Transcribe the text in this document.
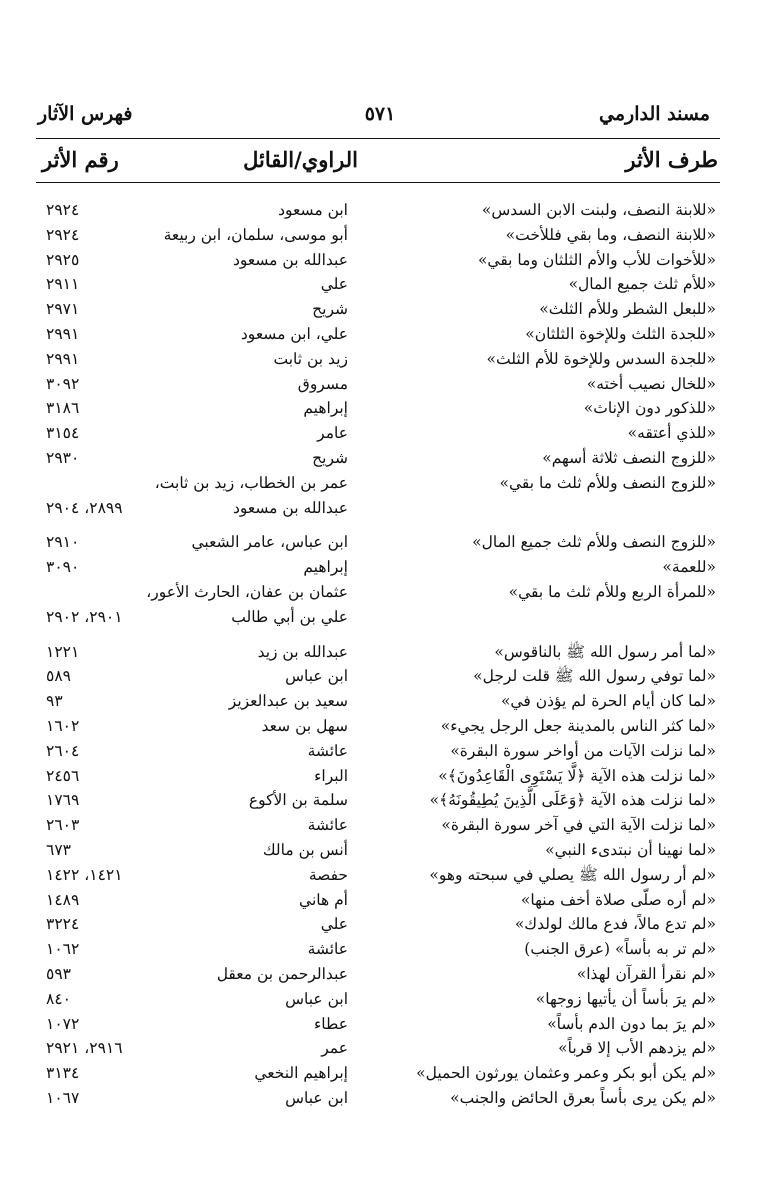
مسند الدارمي
٥٧١
فهرس الآثار
طرف الأثر
الراوي/القائل
رقم الأثر
«للابنة النصف، ولبنت الابن السدس»
ابن مسعود
٢٩٢٤
«للابنة النصف، وما بقي فللأخت»
أبو موسى، سلمان، ابن ربيعة
٢٩٢٤
«للأخوات للأب والأم الثلثان وما بقي»
عبدالله بن مسعود
٢٩٢٥
«للأم ثلث جميع المال»
علي
٢٩١١
«للبعل الشطر وللأم الثلث»
شريح
٢٩٧١
«للجدة الثلث وللإخوة الثلثان»
علي، ابن مسعود
٢٩٩١
«للجدة السدس وللإخوة للأم الثلث»
زيد بن ثابت
٢٩٩١
«للخال نصيب أخته»
مسروق
٣٠٩٢
«للذكور دون الإناث»
إبراهيم
٣١٨٦
«للذي أعتقه»
عامر
٣١٥٤
«للزوج النصف ثلاثة أسهم»
شريح
٢٩٣٠
«للزوج النصف وللأم ثلث ما بقي»
عمر بن الخطاب، زيد بن ثابت،
عبدالله بن مسعود
٢٨٩٩، ٢٩٠٤
«للزوج النصف وللأم ثلث جميع المال»
ابن عباس، عامر الشعبي
٢٩١٠
«للعمة»
إبراهيم
٣٠٩٠
«للمرأة الربع وللأم ثلث ما بقي»
عثمان بن عفان، الحارث الأعور،
علي بن أبي طالب
٢٩٠١، ٢٩٠٢
«لما أمر رسول الله ﷺ بالناقوس»
عبدالله بن زيد
١٢٢١
«لما توفي رسول الله ﷺ قلت لرجل»
ابن عباس
٥٨٩
«لما كان أيام الحرة لم يؤذن في»
سعيد بن عبدالعزيز
٩٣
«لما كثر الناس بالمدينة جعل الرجل يجيء»
سهل بن سعد
١٦٠٢
«لما نزلت الآيات من أواخر سورة البقرة»
عائشة
٢٦٠٤
«لما نزلت هذه الآية ﴿لَّا يَسْتَوِى الْقَاعِدُونَ﴾»
البراء
٢٤٥٦
«لما نزلت هذه الآية ﴿وَعَلَى الَّذِينَ يُطِيقُونَهُ﴾»
سلمة بن الأكوع
١٧٦٩
«لما نزلت الآية التي في آخر سورة البقرة»
عائشة
٢٦٠٣
«لما نهينا أن نبتدىء النبي»
أنس بن مالك
٦٧٣
«لم أر رسول الله ﷺ يصلي في سبحته وهو»
حفصة
١٤٢١، ١٤٢٢
«لم أره صلّى صلاة أخف منها»
أم هاني
١٤٨٩
«لم تدع مالاً، فدع مالك لولدك»
علي
٣٢٢٤
«لم تر به بأساً» (عرق الجنب)
عائشة
١٠٦٢
«لم نقرأ القرآن لهذا»
عبدالرحمن بن معقل
٥٩٣
«لم يرَ بأساً أن يأتيها زوجها»
ابن عباس
٨٤٠
«لم يرَ بما دون الدم بأساً»
عطاء
١٠٧٢
«لم يزدهم الأب إلا قرباً»
عمر
٢٩١٦، ٢٩٢١
«لم يكن أبو بكر وعمر وعثمان يورثون الحميل»
إبراهيم النخعي
٣١٣٤
«لم يكن يرى بأساً بعرق الحائض والجنب»
ابن عباس
١٠٦٧
